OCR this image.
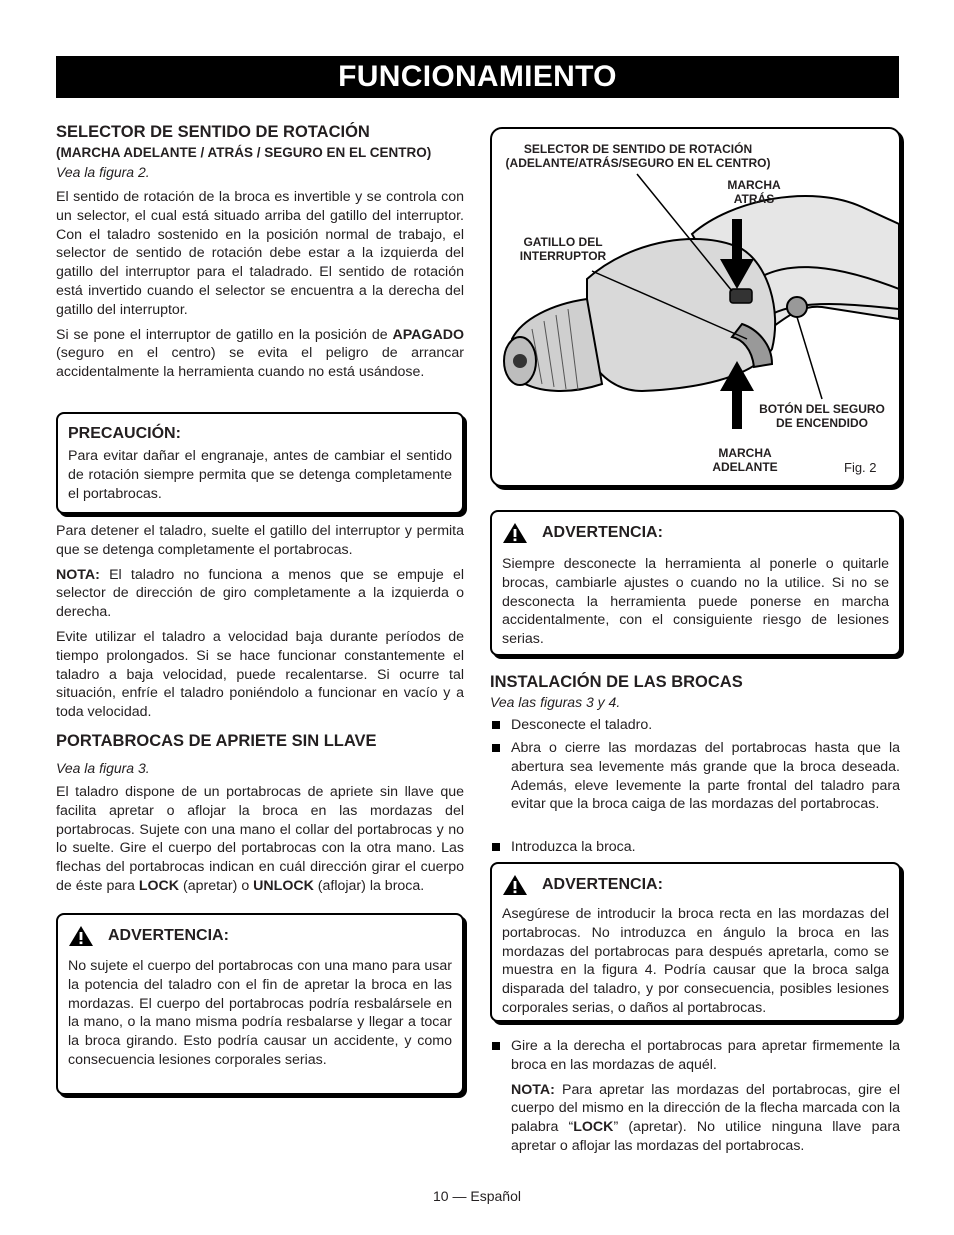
FUNCIONAMIENTO
SELECTOR DE SENTIDO DE ROTACIÓN
(MARCHA ADELANTE / ATRÁS / SEGURO EN EL CENTRO)
Vea la figura 2.

El sentido de rotación de la broca es invertible y se controla con un selector, el cual está situado arriba del gatillo del interruptor. Con el taladro sostenido en la posición normal de trabajo, el selector de sentido de rotación debe estar a la izquierda del gatillo del interruptor para el taladrado. El sentido de rotación está invertido cuando el selector se encuentra a la derecha del gatillo del interruptor.

Si se pone el interruptor de gatillo en la posición de APAGADO (seguro en el centro) se evita el peligro de arrancar accidentalmente la herramienta cuando no está usándose.

PRECAUCIÓN:

Para evitar dañar el engranaje, antes de cambiar el sentido de rotación siempre permita que se detenga completamente el portabrocas.

Para detener el taladro, suelte el gatillo del interruptor y permita que se detenga completamente el portabrocas.

NOTA: El taladro no funciona a menos que se empuje el selector de dirección de giro completamente a la izquierda o derecha.

Evite utilizar el taladro a velocidad baja durante períodos de tiempo prolongados. Si se hace funcionar constantemente el taladro a baja velocidad, puede recalentarse. Si ocurre tal situación, enfríe el taladro poniéndolo a funcionar en vacío y a toda velocidad.

PORTABROCAS DE APRIETE SIN LLAVE
Vea la figura 3.

El taladro dispone de un portabrocas de apriete sin llave que facilita apretar o aflojar la broca en las mordazas del portabrocas. Sujete con una mano el collar del portabrocas y no lo suelte. Gire el cuerpo del portabrocas con la otra mano. Las flechas del portabrocas indican en cuál dirección girar el cuerpo de éste para LOCK (apretar) o UNLOCK (aflojar) la broca.

ADVERTENCIA:

No sujete el cuerpo del portabrocas con una mano para usar la potencia del taladro con el fin de apretar la broca en las mordazas. El cuerpo del portabrocas podría resbalársele en la mano, o la mano misma podría resbalarse y llegar a tocar la broca girando. Esto podría causar un accidente, y como consecuencia lesiones corporales serias.

SELECTOR DE SENTIDO DE ROTACIÓN
(ADELANTE/ATRÁS/SEGURO EN EL CENTRO)
MARCHA
ATRÁS
GATILLO DEL
INTERRUPTOR
BOTÓN DEL SEGURO
DE ENCENDIDO
MARCHA
ADELANTE	Fig. 2
ADVERTENCIA:

Siempre desconecte la herramienta al ponerle o quitarle brocas, cambiarle ajustes o cuando no la utilice. Si no se desconecta la herramienta puede ponerse en marcha accidentalmente, con el consiguiente riesgo de lesiones serias.

INSTALACIÓN DE LAS BROCAS
Vea las figuras 3 y 4.

Desconecte el taladro.

Abra o cierre las mordazas del portabrocas hasta que la abertura sea levemente más grande que la broca deseada. Además, eleve levemente la parte frontal del taladro para evitar que la broca caiga de las mordazas del portabrocas.

Introduzca la broca.

ADVERTENCIA:

Asegúrese de introducir la broca recta en las mordazas del portabrocas. No introduzca en ángulo la broca en las mordazas del portabrocas para después apretarla, como se muestra en la figura 4. Podría causar que la broca salga disparada del taladro, y por consecuencia, posibles lesiones corporales serias, o daños al portabrocas.

Gire a la derecha el portabrocas para apretar firmemente la broca en las mordazas de aquél.

NOTA: Para apretar las mordazas del portabrocas, gire el cuerpo del mismo en la dirección de la flecha marcada con la palabra “LOCK” (apretar). No utilice ninguna llave para apretar o aflojar las mordazas del portabrocas.

10 — Español
